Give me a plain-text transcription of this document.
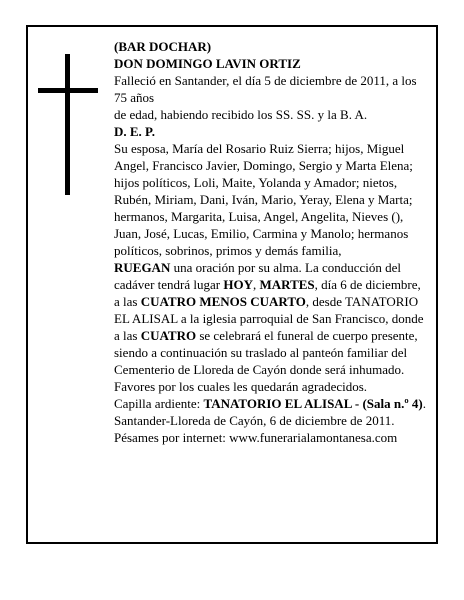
(BAR DOCHAR)

DON DOMINGO LAVIN ORTIZ

Falleció en Santander, el día 5 de diciembre de 2011, a los 75 años

de edad, habiendo recibido los SS. SS. y la B. A.

D. E. P.

Su esposa, María del Rosario Ruiz Sierra; hijos, Miguel Angel, Francisco Javier, Domingo, Sergio y Marta Elena; hijos políticos, Loli, Maite, Yolanda y Amador; nietos, Rubén, Miriam, Dani, Iván, Mario, Yeray, Elena y Marta; hermanos, Margarita, Luisa, Angel, Angelita, Nieves (), Juan, José, Lucas, Emilio, Carmina y Manolo; hermanos políticos, sobrinos, primos y demás familia,

RUEGAN una oración por su alma. La conducción del cadáver tendrá lugar HOY, MARTES, día 6 de diciembre, a las CUATRO MENOS CUARTO, desde TANATORIO EL ALISAL a la iglesia parroquial de San Francisco, donde a las CUATRO se celebrará el funeral de cuerpo presente, siendo a continuación su traslado al panteón familiar del Cementerio de Lloreda de Cayón donde será inhumado. Favores por los cuales les quedarán agradecidos.

Capilla ardiente: TANATORIO EL ALISAL - (Sala n.º 4).

Santander-Lloreda de Cayón, 6 de diciembre de 2011.

Pésames por internet: www.funerarialamontanesa.com
